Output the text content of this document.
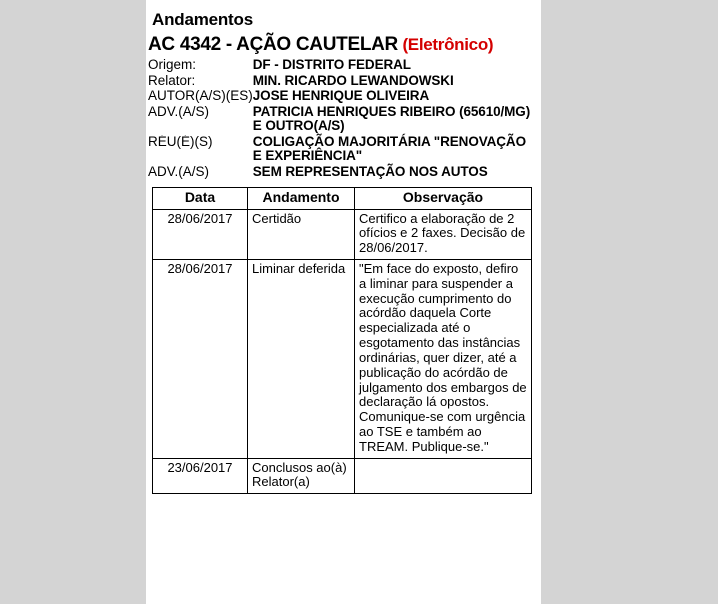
Andamentos
AC 4342 - AÇÃO CAUTELAR (Eletrônico)
Origem:	DF - DISTRITO FEDERAL
Relator:	MIN. RICARDO LEWANDOWSKI
AUTOR(A/S)(ES)	JOSE HENRIQUE OLIVEIRA
ADV.(A/S)	PATRICIA HENRIQUES RIBEIRO (65610/MG) E OUTRO(A/S)
RÉU(É)(S)	COLIGAÇÃO MAJORITÁRIA "RENOVAÇÃO E EXPERIÊNCIA"
ADV.(A/S)	SEM REPRESENTAÇÃO NOS AUTOS
Data	Andamento	Observação
28/06/2017	Certidão	Certifico a elaboração de 2 ofícios e 2 faxes. Decisão de 28/06/2017.
28/06/2017	Liminar deferida	"Em face do exposto, defiro a liminar para suspender a execução cumprimento do acórdão daquela Corte especializada até o esgotamento das instâncias ordinárias, quer dizer, até a publicação do acórdão de julgamento dos embargos de declaração lá opostos. Comunique-se com urgência ao TSE e também ao TREAM. Publique-se."
23/06/2017	Conclusos ao(à) Relator(a)	
